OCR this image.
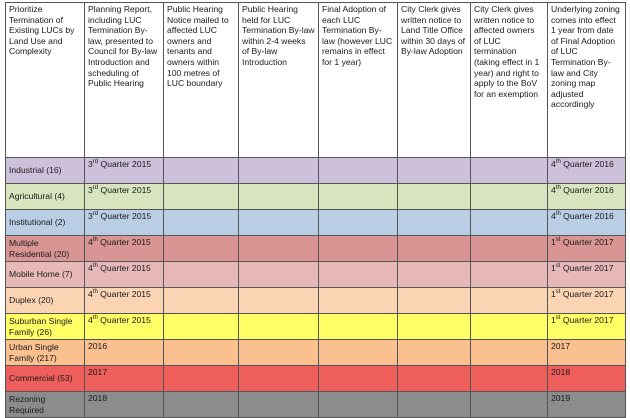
Prioritize Termination of Existing LUCs by Land Use and Complexity	Planning Report, including LUC Termination By-law, presented to Council for By-law Introduction and scheduling of Public Hearing	Public Hearing Notice mailed to affected LUC owners and tenants and owners within 100 metres of LUC boundary	Public Hearing held for LUC Termination By-law within 2-4 weeks of By-law Introduction	Final Adoption of each LUC Termination By-law (however LUC remains in effect for 1 year)	City Clerk gives written notice to Land Title Office within 30 days of By-law Adoption	City Clerk gives written notice to affected owners of LUC termination (taking effect in 1 year) and right to apply to the BoV for an exemption	Underlying zoning comes into effect 1 year from date of Final Adoption of LUC Termination By-law and City zoning map adjusted accordingly
Industrial (16)	3rd Quarter 2015						4th Quarter 2016
Agricultural (4)	3rd Quarter 2015						4th Quarter 2016
Institutional (2)	3rd Quarter 2015						4th Quarter 2016
Multiple Residential (20)	4th Quarter 2015						1st Quarter 2017
Mobile Home (7)	4th Quarter 2015						1st Quarter 2017
Duplex (20)	4th Quarter 2015						1st Quarter 2017
Suburban Single Family (26)	4th Quarter 2015						1st Quarter 2017
Urban Single Family (217)	2016						2017
Commercial (53)	2017						2018
Rezoning Required	2018						2019
